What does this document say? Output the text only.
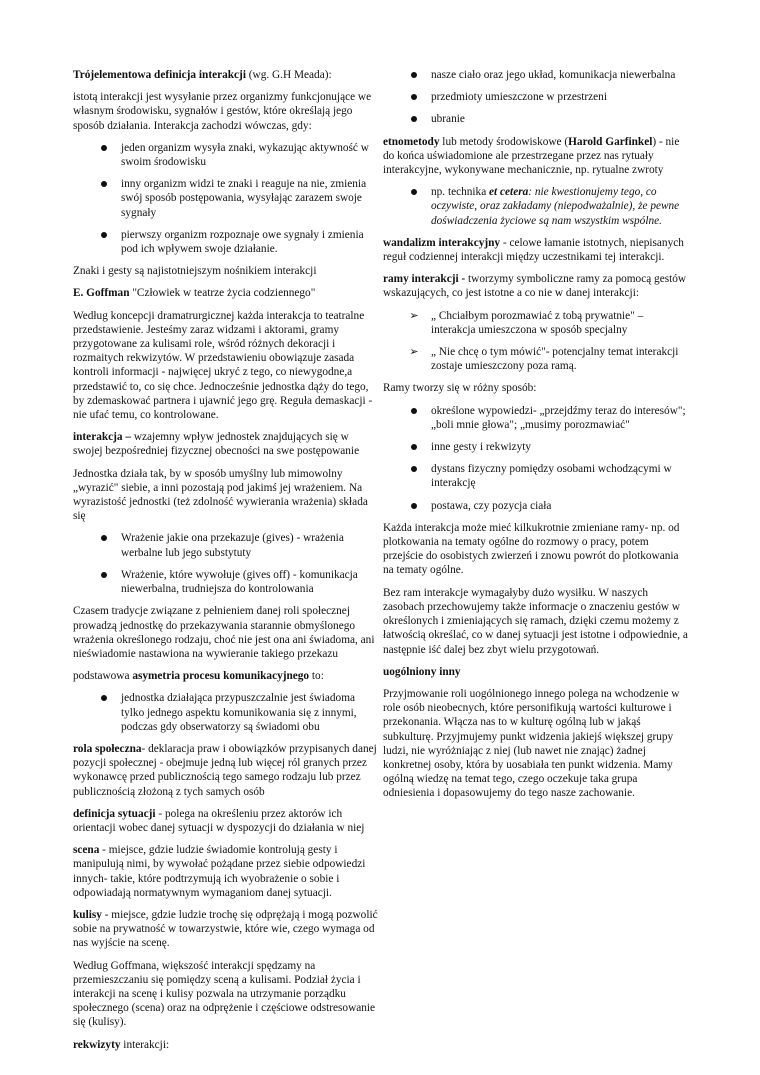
Trójelementowa definicja interakcji (wg. G.H Meada):

istotą interakcji jest wysyłanie przez organizmy funkcjonujące we własnym środowisku, sygnałów i gestów, które określają jego sposób działania. Interakcja zachodzi wówczas, gdy:

jeden organizm wysyła znaki, wykazując aktywność w swoim środowisku
inny organizm widzi te znaki i reaguje na nie, zmienia swój sposób postępowania, wysyłając zarazem swoje sygnały
pierwszy organizm rozpoznaje owe sygnały i zmienia pod ich wpływem swoje działanie.

Znaki i gesty są najistotniejszym nośnikiem interakcji

E. Goffman "Człowiek w teatrze życia codziennego"

Według koncepcji dramatrurgicznej każda interakcja to teatralne przedstawienie. Jesteśmy zaraz widzami i aktorami, gramy przygotowane za kulisami role, wśród różnych dekoracji i rozmaitych rekwizytów. W przedstawieniu obowiązuje zasada kontroli informacji - najwięcej ukryć z tego, co niewygodne,a przedstawić to, co się chce. Jednocześnie jednostka dąży do tego, by zdemaskować partnera i ujawnić jego grę. Reguła demaskacji - nie ufać temu, co kontrolowane.

interakcja – wzajemny wpływ jednostek znajdujących się w swojej bezpośredniej fizycznej obecności na swe postępowanie

Jednostka działa tak, by w sposób umyślny lub mimowolny „wyrazić" siebie, a inni pozostają pod jakimś jej wrażeniem. Na wyrazistość jednostki (też zdolność wywierania wrażenia) składa się

Wrażenie jakie ona przekazuje (gives) - wrażenia werbalne lub jego substytuty
Wrażenie, które wywołuje (gives off) - komunikacja niewerbalna, trudniejsza do kontrolowania

Czasem tradycje związane z pełnieniem danej roli społecznej prowadzą jednostkę do przekazywania starannie obmyślonego wrażenia określonego rodzaju, choć nie jest ona ani świadoma, ani nieświadomie nastawiona na wywieranie takiego przekazu

podstawowa asymetria procesu komunikacyjnego to:

jednostka działająca przypuszczalnie jest świadoma tylko jednego aspektu komunikowania się z innymi, podczas gdy obserwatorzy są świadomi obu

rola społeczna- deklaracja praw i obowiązków przypisanych danej pozycji społecznej - obejmuje jedną lub więcej ról granych przez wykonawcę przed publicznością tego samego rodzaju lub przez publicznością złożoną z tych samych osób

definicja sytuacji - polega na określeniu przez aktorów ich orientacji wobec danej sytuacji w dyspozycji do działania w niej

scena - miejsce, gdzie ludzie świadomie kontrolują gesty i manipulują nimi, by wywołać pożądane przez siebie odpowiedzi innych- takie, które podtrzymują ich wyobrażenie o sobie i odpowiadają normatywnym wymaganiom danej sytuacji.

kulisy - miejsce, gdzie ludzie trochę się odprężają i mogą pozwolić sobie na prywatność w towarzystwie, które wie, czego wymaga od nas wyjście na scenę.

Według Goffmana, większość interakcji spędzamy na przemieszczaniu się pomiędzy sceną a kulisami. Podział życia i interakcji na scenę i kulisy pozwala na utrzymanie porządku społecznego (scena) oraz na odprężenie i częściowe odstresowanie się (kulisy).

rekwizyty interakcji:

nasze ciało oraz jego układ, komunikacja niewerbalna
przedmioty umieszczone w przestrzeni
ubranie

etnometody lub metody środowiskowe (Harold Garfinkel) - nie do końca uświadomione ale przestrzegane przez nas rytuały interakcyjne, wykonywane mechanicznie, np. rytualne zwroty

np. technika et cetera: nie kwestionujemy tego, co oczywiste, oraz zakładamy (niepodważalnie), że pewne doświadczenia życiowe są nam wszystkim wspólne.

wandalizm interakcyjny - celowe łamanie istotnych, niepisanych reguł codziennej interakcji między uczestnikami tej interakcji.

ramy interakcji - tworzymy symboliczne ramy za pomocą gestów wskazujących, co jest istotne a co nie w danej interakcji:

➢ „ Chciałbym porozmawiać z tobą prywatnie" – interakcja umieszczona w sposób specjalny
➢ „ Nie chcę o tym mówić"- potencjalny temat interakcji zostaje umieszczony poza ramą.

Ramy tworzy się w różny sposób:

określone wypowiedzi- „przejdźmy teraz do interesów"; „boli mnie głowa"; „musimy porozmawiać"
inne gesty i rekwizyty
dystans fizyczny pomiędzy osobami wchodzącymi w interakcję
postawa, czy pozycja ciała

Każda interakcja może mieć kilkukrotnie zmieniane ramy- np. od plotkowania na tematy ogólne do rozmowy o pracy, potem przejście do osobistych zwierzeń i znowu powrót do plotkowania na tematy ogólne.

Bez ram interakcje wymagałyby dużo wysiłku. W naszych zasobach przechowujemy także informacje o znaczeniu gestów w określonych i zmieniających się ramach, dzięki czemu możemy z łatwością określać, co w danej sytuacji jest istotne i odpowiednie, a następnie iść dalej bez zbyt wielu przygotowań.

uogólniony inny

Przyjmowanie roli uogólnionego innego polega na wchodzenie w role osób nieobecnych, które personifikują wartości kulturowe i przekonania. Włącza nas to w kulturę ogólną lub w jakąś subkulturę. Przyjmujemy punkt widzenia jakiejś większej grupy ludzi, nie wyróżniając z niej (lub nawet nie znając) żadnej konkretnej osoby, która by uosabiała ten punkt widzenia. Mamy ogólną wiedzę na temat tego, czego oczekuje taka grupa odniesienia i dopasowujemy do tego nasze zachowanie.
